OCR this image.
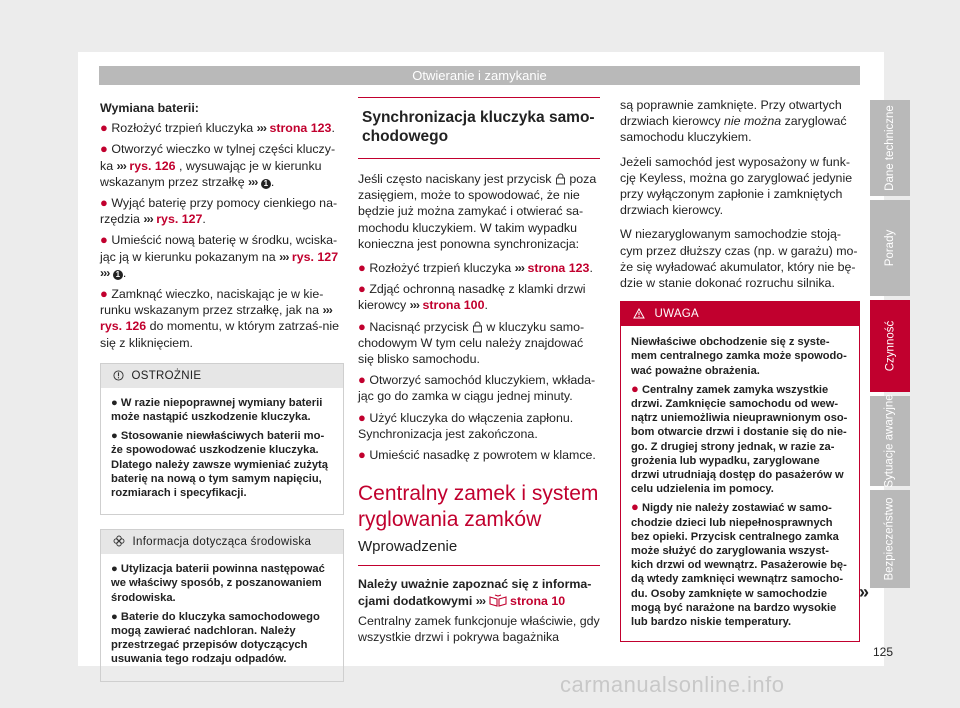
Otwieranie i zamykanie

Wymiana baterii:

● Rozłożyć trzpień kluczyka ››› strona 123.
● Otworzyć wieczko w tylnej części kluczy-ka ››› rys. 126 , wysuwając je w kierunku wskazanym przez strzałkę ››› 1 .
● Wyjąć baterię przy pomocy cienkiego na-rzędzia ››› rys. 127.
● Umieścić nową baterię w środku, wciska-jąc ją w kierunku pokazanym na ››› rys. 127 ››› 1 .
● Zamknąć wieczko, naciskając je w kie-runku wskazanym przez strzałkę, jak na ››› rys. 126 do momentu, w którym zatrzaś-nie się z kliknięciem.
OSTROŻNIE
● W razie niepoprawnej wymiany baterii może nastąpić uszkodzenie kluczyka.
● Stosowanie niewłaściwych baterii mo-że spowodować uszkodzenie kluczyka. Dlatego należy zawsze wymieniać zużytą baterię na nową o tym samym napięciu, rozmiarach i specyfikacji.
Informacja dotycząca środowiska
● Utylizacja baterii powinna następować we właściwy sposób, z poszanowaniem środowiska.
● Baterie do kluczyka samochodowego mogą zawierać nadchloran. Należy przestrzegać przepisów dotyczących usuwania tego rodzaju odpadów.
Synchronizacja kluczyka samo-chodowego

Jeśli często naciskany jest przycisk  poza zasięgiem, może to spowodować, że nie będzie już można zamykać i otwierać sa-mochodu kluczykiem. W takim wypadku konieczna jest ponowna synchronizacja:

● Rozłożyć trzpień kluczyka ››› strona 123.
● Zdjąć ochronną nasadkę z klamki drzwi kierowcy ››› strona 100.
● Nacisnąć przycisk  w kluczyku samo-chodowym W tym celu należy znajdować się blisko samochodu.
● Otworzyć samochód kluczykiem, wkłada-jąc go do zamka w ciągu jednej minuty.
● Użyć kluczyka do włączenia zapłonu. Synchronizacja jest zakończona.
● Umieścić nasadkę z powrotem w klamce.
Centralny zamek i system ryglowania zamków
Wprowadzenie

Należy uważnie zapoznać się z informa-cjami dodatkowymi ››› strona 10

Centralny zamek funkcjonuje właściwie, gdy wszystkie drzwi i pokrywa bagażnika

są poprawnie zamknięte. Przy otwartych drzwiach kierowcy nie można zaryglować samochodu kluczykiem.

Jeżeli samochód jest wyposażony w funk-cję Keyless, można go zaryglować jedynie przy wyłączonym zapłonie i zamkniętych drzwiach kierowcy.

W niezaryglowanym samochodzie stoją-cym przez dłuższy czas (np. w garażu) mo-że się wyładować akumulator, który nie bę-dzie w stanie dokonać rozruchu silnika.

UWAGA
Niewłaściwe obchodzenie się z syste-mem centralnego zamka może spowodo-wać poważne obrażenia.
● Centralny zamek zamyka wszystkie drzwi. Zamknięcie samochodu od wew-nątrz uniemożliwia nieuprawnionym oso-bom otwarcie drzwi i dostanie się do nie-go. Z drugiej strony jednak, w razie za-grożenia lub wypadku, zaryglowane drzwi utrudniają dostęp do pasażerów w celu udzielenia im pomocy.
● Nigdy nie należy zostawiać w samo-chodzie dzieci lub niepełnosprawnych bez opieki. Przycisk centralnego zamka może służyć do zaryglowania wszyst-kich drzwi od wewnątrz. Pasażerowie bę-dą wtedy zamknięci wewnątrz samocho-du. Osoby zamknięte w samochodzie mogą być narażone na bardzo wysokie lub bardzo niskie temperatury.
»
Dane techniczne
Porady
Czynność
Sytuacje awaryjne
Bezpieczeństwo
125
carmanualsonline.info
